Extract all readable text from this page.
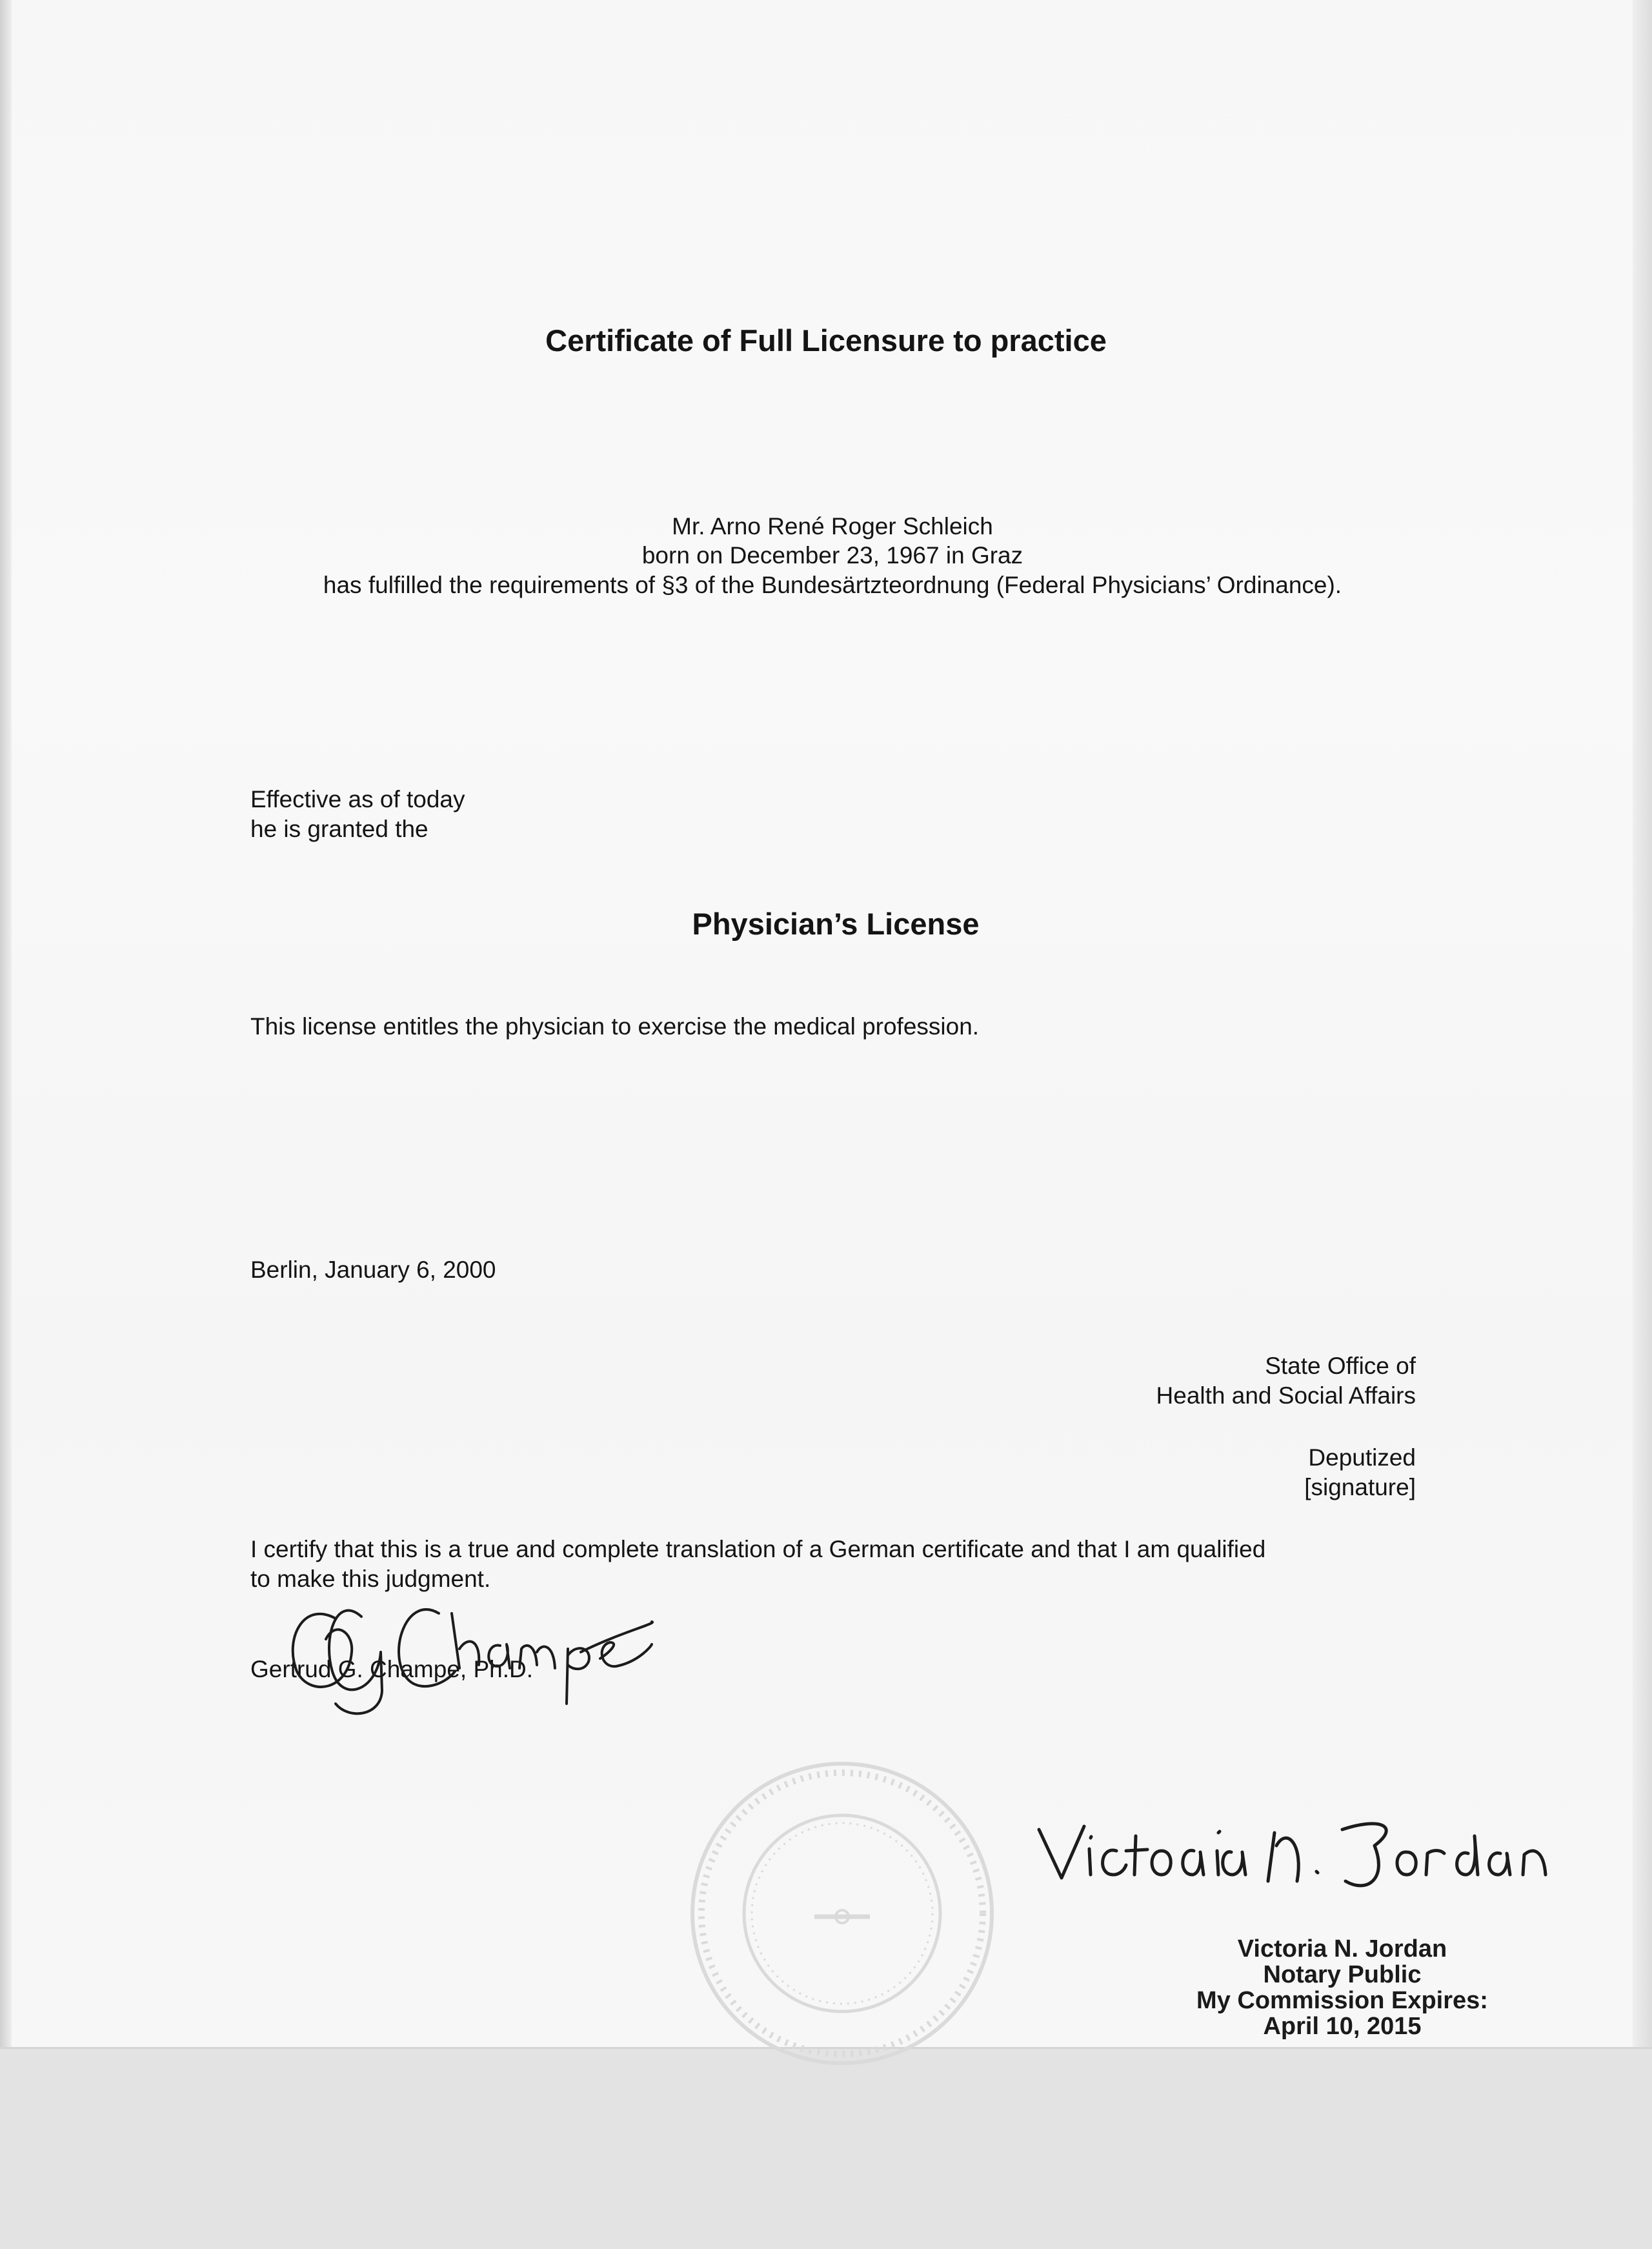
Certificate of Full Licensure to practice

Mr. Arno René Roger Schleich

born on December 23, 1967 in Graz

has fulfilled the requirements of §3 of the Bundesärtzteordnung (Federal Physicians’ Ordinance).

Effective as of today

he is granted the

Physician’s License

This license entitles the physician to exercise the medical profession.

Berlin, January 6, 2000

State Office of

Health and Social Affairs

Deputized

[signature]

I certify that this is a true and complete translation of a German certificate and that I am qualified

to make this judgment.

Gertrud G. Champe, Ph.D.

Victoria N. Jordan
Notary Public
My Commission Expires:
April 10, 2015
